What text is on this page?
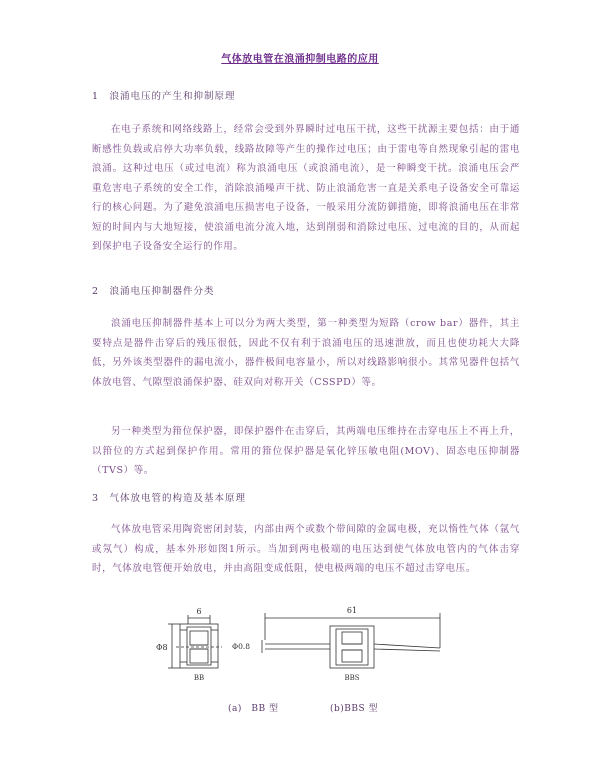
气体放电管在浪涌抑制电路的应用
1　浪涌电压的产生和抑制原理
在电子系统和网络线路上，经常会受到外界瞬时过电压干扰，这些干扰源主要包括：由于通断感性负载或启停大功率负载，线路故障等产生的操作过电压；由于雷电等自然现象引起的雷电浪涌。这种过电压（或过电流）称为浪涌电压（或浪涌电流），是一种瞬变干扰。浪涌电压会严重危害电子系统的安全工作，消除浪涌噪声干扰、防止浪涌危害一直是关系电子设备安全可靠运行的核心问题。为了避免浪涌电压损害电子设备，一般采用分流防御措施，即将浪涌电压在非常短的时间内与大地短接，使浪涌电流分流入地，达到削弱和消除过电压、过电流的目的，从而起到保护电子设备安全运行的作用。
2　浪涌电压抑制器件分类
浪涌电压抑制器件基本上可以分为两大类型，第一种类型为短路（crow bar）器件，其主要特点是器件击穿后的残压很低，因此不仅有利于浪涌电压的迅速泄放，而且也使功耗大大降低，另外该类型器件的漏电流小，器件极间电容量小，所以对线路影响很小。其常见器件包括气体放电管、气隙型浪涌保护器、硅双向对称开关（CSSPD）等。
另一种类型为箝位保护器，即保护器件在击穿后，其两端电压维持在击穿电压上不再上升，以箝位的方式起到保护作用。常用的箝位保护器是氧化锌压敏电阻(MOV)、固态电压抑制器（TVS）等。
3　气体放电管的构造及基本原理
气体放电管采用陶瓷密闭封装，内部由两个或数个带间隙的金属电极，充以惰性气体（氩气或氖气）构成，基本外形如图1所示。当加到两电极端的电压达到使气体放电管内的气体击穿时，气体放电管便开始放电，并由高阻变成低阻，使电极两端的电压不超过击穿电压。
6
Φ8
BB
61
Φ0.8
BBS
(a)　BB 型	(b)BBS 型
